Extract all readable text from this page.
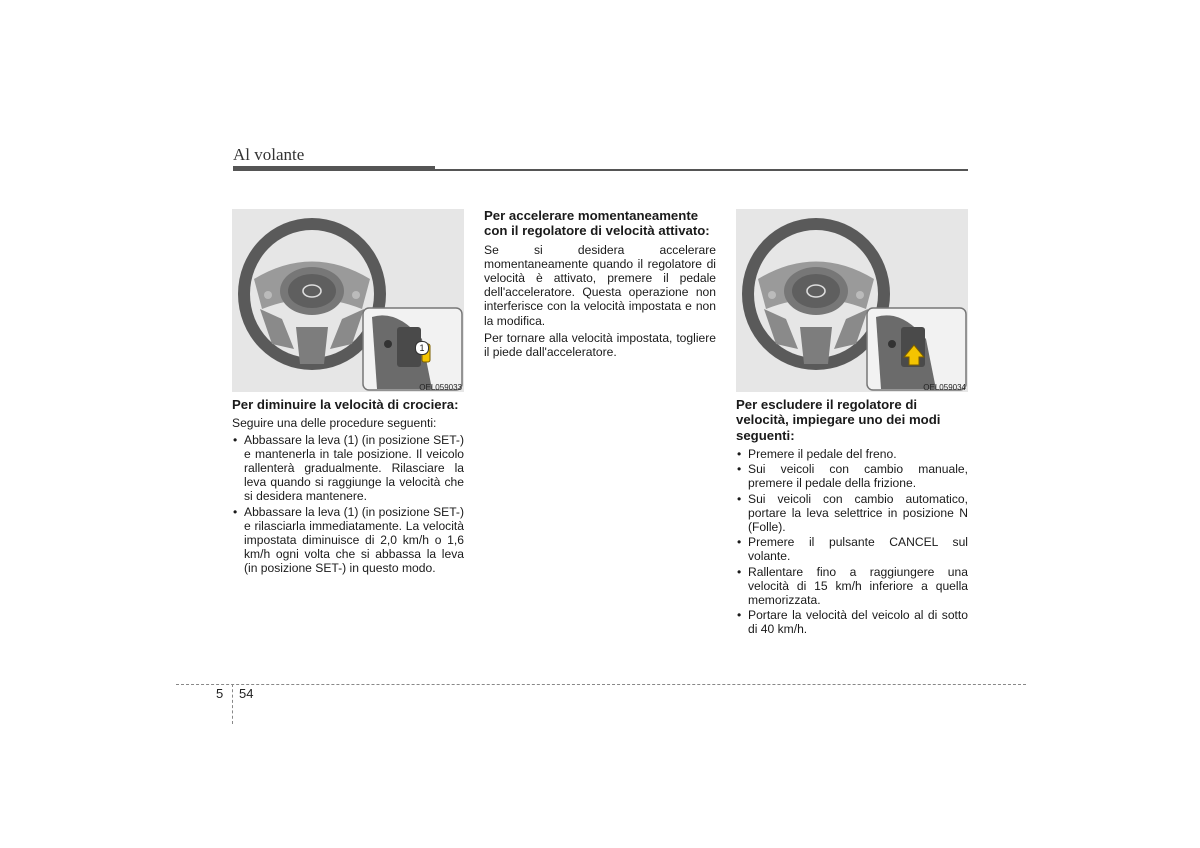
Al volante
1
OEL059033	OEL059034
Per diminuire la velocità di crociera:
Seguire una delle procedure seguenti:
• Abbassare la leva (1) (in posizione SET-) e mantenerla in tale posizione. Il veicolo rallenterà gradualmente. Rilasciare la leva quando si raggiunge la velocità che si desidera mantenere.
• Abbassare la leva (1) (in posizione SET-) e rilasciarla immediatamente. La velocità impostata diminuisce di 2,0 km/h o 1,6 km/h ogni volta che si abbassa la leva (in posizione SET-) in questo modo.
Per accelerare momentaneamente con il regolatore di velocità attivato:

Se si desidera accelerare momentaneamente quando il regolatore di velocità è attivato, premere il pedale dell'acceleratore. Questa operazione non interferisce con la velocità impostata e non la modifica.

Per tornare alla velocità impostata, togliere il piede dall'acceleratore.

Per escludere il regolatore di velocità, impiegare uno dei modi seguenti:
• Premere il pedale del freno.
• Sui veicoli con cambio manuale, premere il pedale della frizione.
• Sui veicoli con cambio automatico, portare la leva selettrice in posizione N (Folle).
• Premere il pulsante CANCEL sul volante.
• Rallentare fino a raggiungere una velocità di 15 km/h inferiore a quella memorizzata.
• Portare la velocità del veicolo al di sotto di 40 km/h.
5 54
